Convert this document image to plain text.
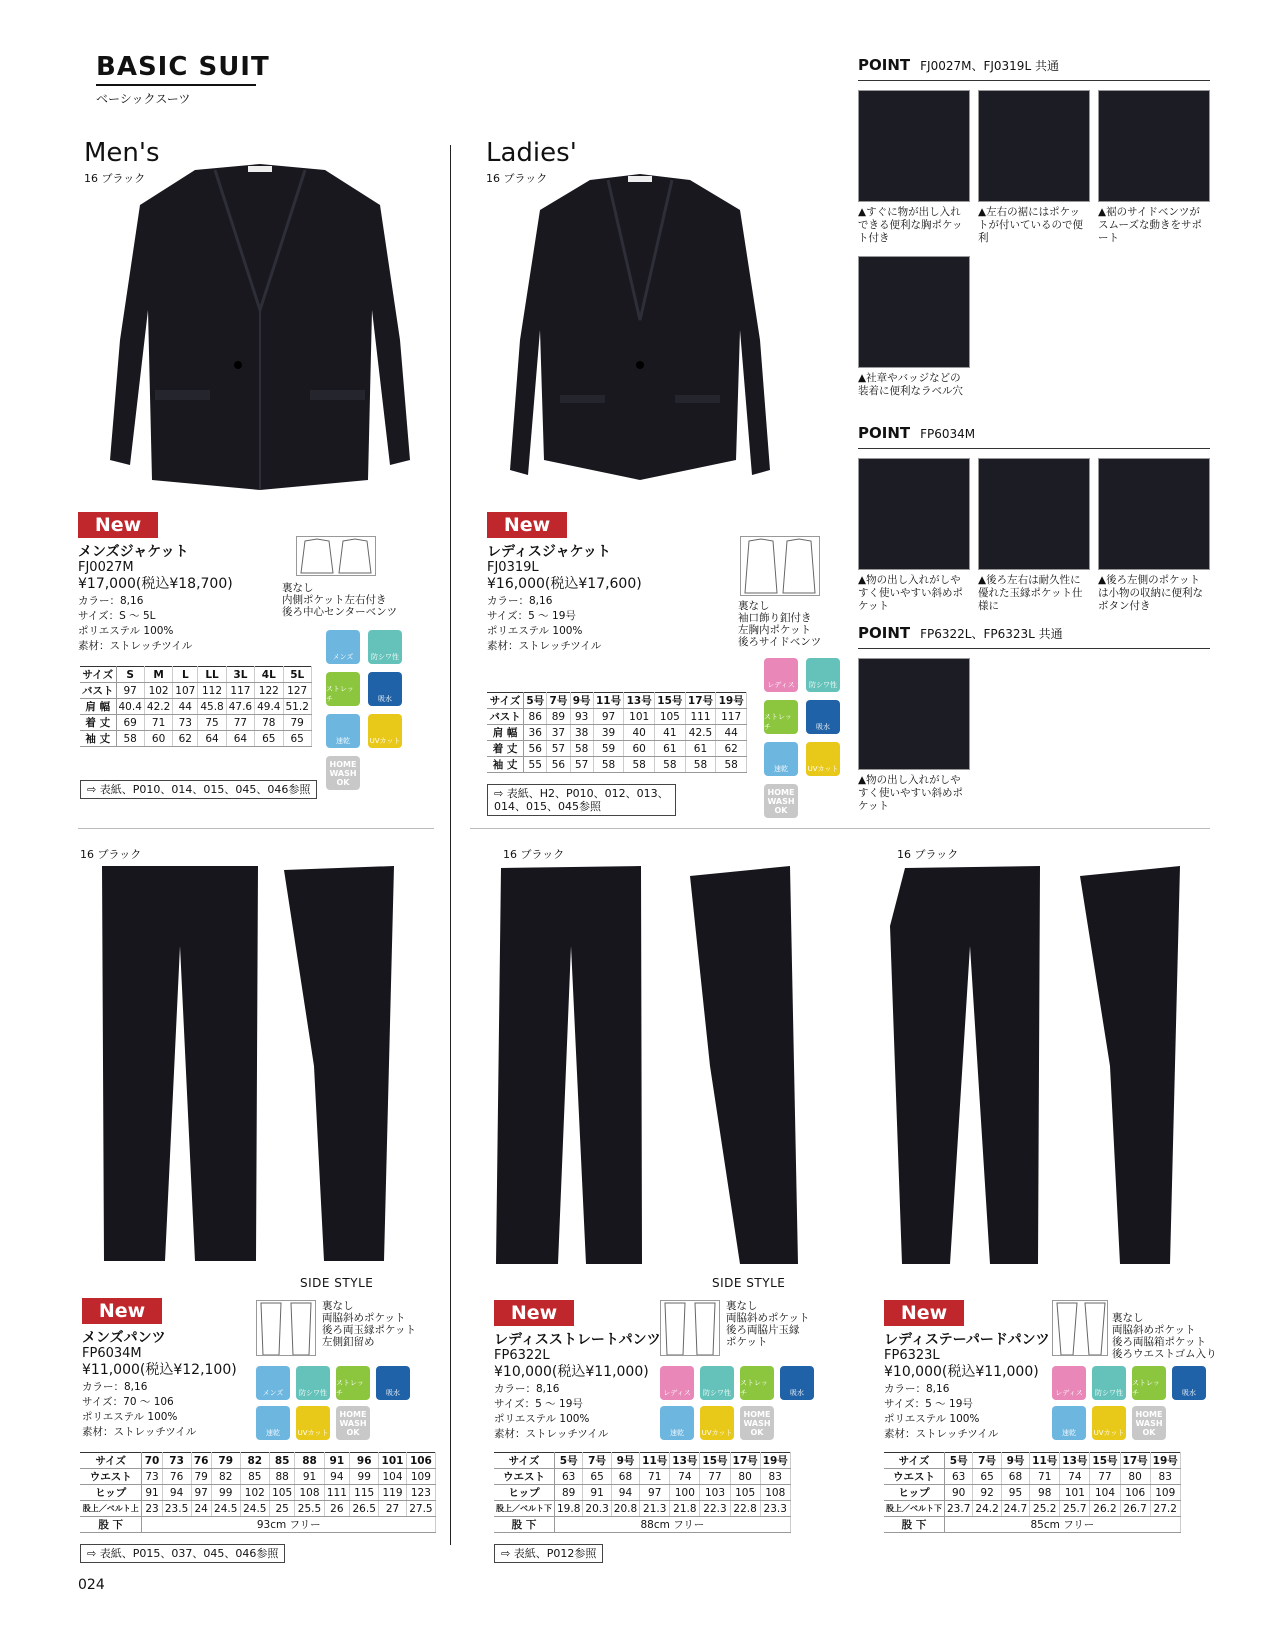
BASIC SUIT
ベーシックスーツ
Men's
16 ブラック
New
メンズジャケット
FJ0027M
¥17,000(税込¥18,700)
カラー：8,16
サイズ：S ～ 5L
ポリエステル 100%
素材：ストレッチツイル
裏なし
内側ポケット左右付き
後ろ中心センターベンツ
メンズ	防シワ性
ストレッチ	吸水
速乾	UVカット
HOME WASH OK
サイズ	S	M	L	LL	3L	4L	5L
バスト	97	102	107	112	117	122	127
肩 幅	40.4	42.2	44	45.8	47.6	49.4	51.2
着 丈	69	71	73	75	77	78	79
袖 丈	58	60	62	64	64	65	65
⇨ 表紙、P010、014、015、045、046参照
Ladies'
16 ブラック
New
レディスジャケット
FJ0319L
¥16,000(税込¥17,600)
カラー：8,16
サイズ：5 ～ 19号
ポリエステル 100%
素材：ストレッチツイル
裏なし
袖口飾り釦付き
左胸内ポケット
後ろサイドベンツ
レディス	防シワ性
ストレッチ	吸水
速乾	UVカット
HOME WASH OK
サイズ	5号	7号	9号	11号	13号	15号	17号	19号
バスト	86	89	93	97	101	105	111	117
肩 幅	36	37	38	39	40	41	42.5	44
着 丈	56	57	58	59	60	61	61	62
袖 丈	55	56	57	58	58	58	58	58
⇨ 表紙、H2、P010、012、013、
014、015、045参照
POINT FJ0027M、FJ0319L 共通
▲すぐに物が出し入れできる便利な胸ポケット付き
▲左右の裾にはポケットが付いているので便利
▲裾のサイドベンツがスムーズな動きをサポート
▲社章やバッジなどの装着に便利なラベル穴
POINT FP6034M
▲物の出し入れがしやすく使いやすい斜めポケット
▲後ろ左右は耐久性に優れた玉縁ポケット仕様に
▲後ろ左側のポケットは小物の収納に便利なボタン付き
POINT FP6322L、FP6323L 共通
▲物の出し入れがしやすく使いやすい斜めポケット
16 ブラック	16 ブラック	16 ブラック
SIDE STYLE	SIDE STYLE
New
メンズパンツ
FP6034M
¥11,000(税込¥12,100)
カラー：8,16
サイズ：70 ～ 106
ポリエステル 100%
素材：ストレッチツイル
裏なし
両脇斜めポケット
後ろ両玉縁ポケット
左側釦留め
メンズ	防シワ性
ストレッチ	吸水
速乾	UVカット
HOME WASH OK
サイズ	70	73	76	79	82	85	88	91	96	101	106
ウエスト	73	76	79	82	85	88	91	94	99	104	109
ヒップ	91	94	97	99	102	105	108	111	115	119	123
股上／ベルト上	23	23.5	24	24.5	24.5	25	25.5	26	26.5	27	27.5
股 下	93cm フリー										
⇨ 表紙、P015、037、045、046参照
New
レディスストレートパンツ
FP6322L
¥10,000(税込¥11,000)
カラー：8,16
サイズ：5 ～ 19号
ポリエステル 100%
素材：ストレッチツイル
裏なし
両脇斜めポケット
後ろ両脇片玉縁
ポケット
レディス	防シワ性
ストレッチ	吸水
速乾	UVカット
HOME WASH OK
サイズ	5号	7号	9号	11号	13号	15号	17号	19号
ウエスト	63	65	68	71	74	77	80	83
ヒップ	89	91	94	97	100	103	105	108
股上／ベルト下	19.8	20.3	20.8	21.3	21.8	22.3	22.8	23.3
股 下	88cm フリー							
⇨ 表紙、P012参照
New
レディステーパードパンツ
FP6323L
¥10,000(税込¥11,000)
カラー：8,16
サイズ：5 ～ 19号
ポリエステル 100%
素材：ストレッチツイル
裏なし
両脇斜めポケット
後ろ両脇箱ポケット
後ろウエストゴム入り
レディス	防シワ性
ストレッチ	吸水
速乾	UVカット
HOME WASH OK
サイズ	5号	7号	9号	11号	13号	15号	17号	19号
ウエスト	63	65	68	71	74	77	80	83
ヒップ	90	92	95	98	101	104	106	109
股上／ベルト下	23.7	24.2	24.7	25.2	25.7	26.2	26.7	27.2
股 下	85cm フリー							
024
